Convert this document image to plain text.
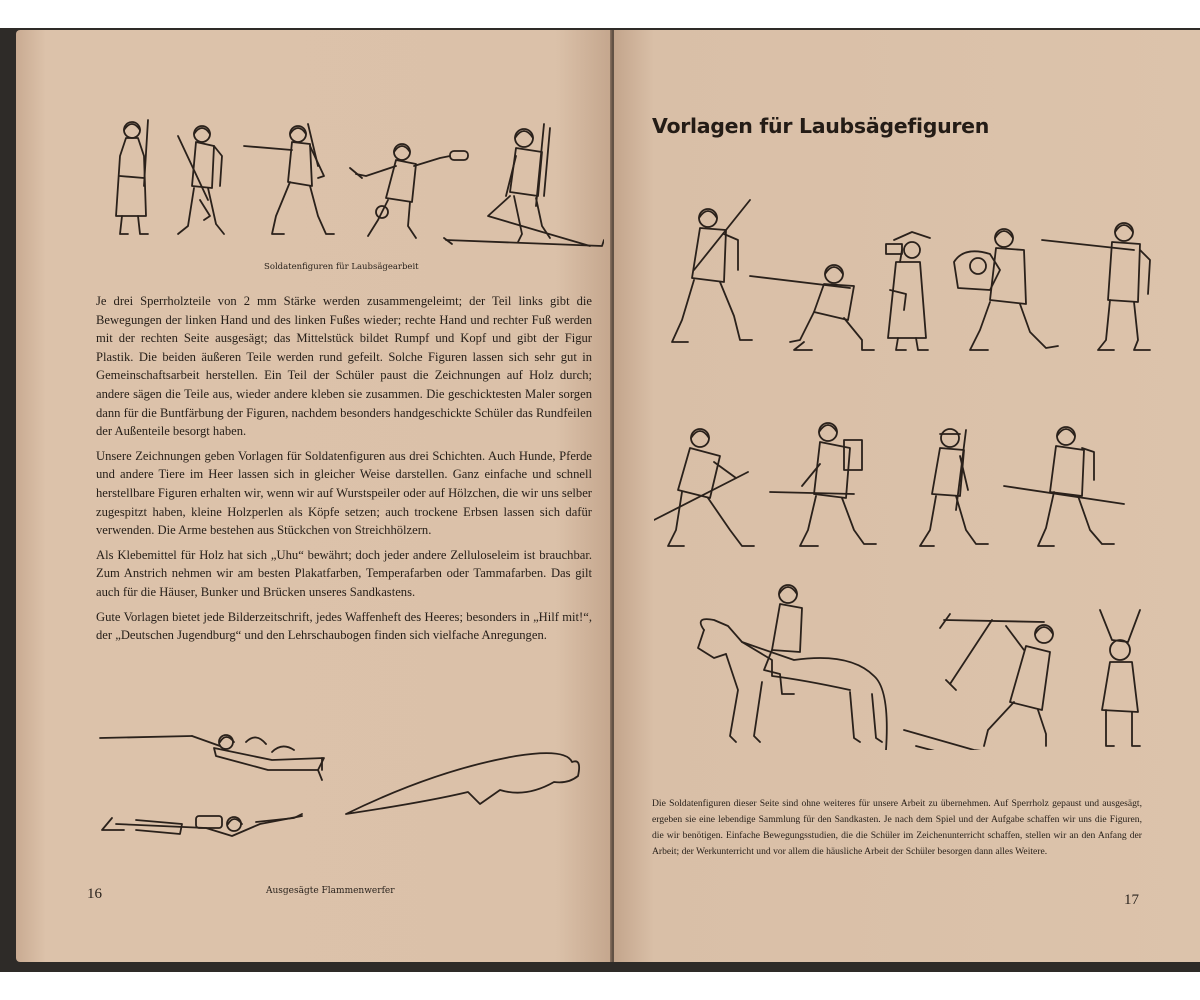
Soldatenfiguren für Laubsägearbeit

Je drei Sperrholzteile von 2 mm Stärke werden zusammengeleimt; der Teil links gibt die Bewegungen der linken Hand und des linken Fußes wieder; rechte Hand und rechter Fuß werden mit der rechten Seite ausgesägt; das Mittelstück bildet Rumpf und Kopf und gibt der Figur Plastik. Die beiden äußeren Teile werden rund gefeilt. Solche Figuren lassen sich sehr gut in Gemeinschaftsarbeit herstellen. Ein Teil der Schüler paust die Zeichnungen auf Holz durch; andere sägen die Teile aus, wieder andere kleben sie zusammen. Die geschicktesten Maler sorgen dann für die Buntfärbung der Figuren, nachdem besonders handgeschickte Schüler das Rundfeilen der Außenteile besorgt haben.

Unsere Zeichnungen geben Vorlagen für Soldatenfiguren aus drei Schichten. Auch Hunde, Pferde und andere Tiere im Heer lassen sich in gleicher Weise darstellen. Ganz einfache und schnell herstellbare Figuren erhalten wir, wenn wir auf Wurstspeiler oder auf Hölzchen, die wir uns selber zugespitzt haben, kleine Holzperlen als Köpfe setzen; auch trockene Erbsen lassen sich dafür verwenden. Die Arme bestehen aus Stückchen von Streichhölzern.

Als Klebemittel für Holz hat sich „Uhu“ bewährt; doch jeder andere Zelluloseleim ist brauchbar. Zum Anstrich nehmen wir am besten Plakatfarben, Temperafarben oder Tammafarben. Das gilt auch für die Häuser, Bunker und Brücken unseres Sandkastens.

Gute Vorlagen bietet jede Bilderzeitschrift, jedes Waffenheft des Heeres; besonders in „Hilf mit!“, der „Deutschen Jugendburg“ und den Lehrschaubogen finden sich vielfache Anregungen.

Ausgesägte Flammenwerfer
16
Vorlagen für Laubsägefiguren
Die Soldatenfiguren dieser Seite sind ohne weiteres für unsere Arbeit zu übernehmen. Auf Sperrholz gepaust und ausgesägt, ergeben sie eine lebendige Sammlung für den Sandkasten. Je nach dem Spiel und der Aufgabe schaffen wir uns die Figuren, die wir benötigen. Einfache Bewegungsstudien, die die Schüler im Zeichenunterricht schaffen, stellen wir an den Anfang der Arbeit; der Werkunterricht und vor allem die häusliche Arbeit der Schüler besorgen dann alles Weitere.
17
